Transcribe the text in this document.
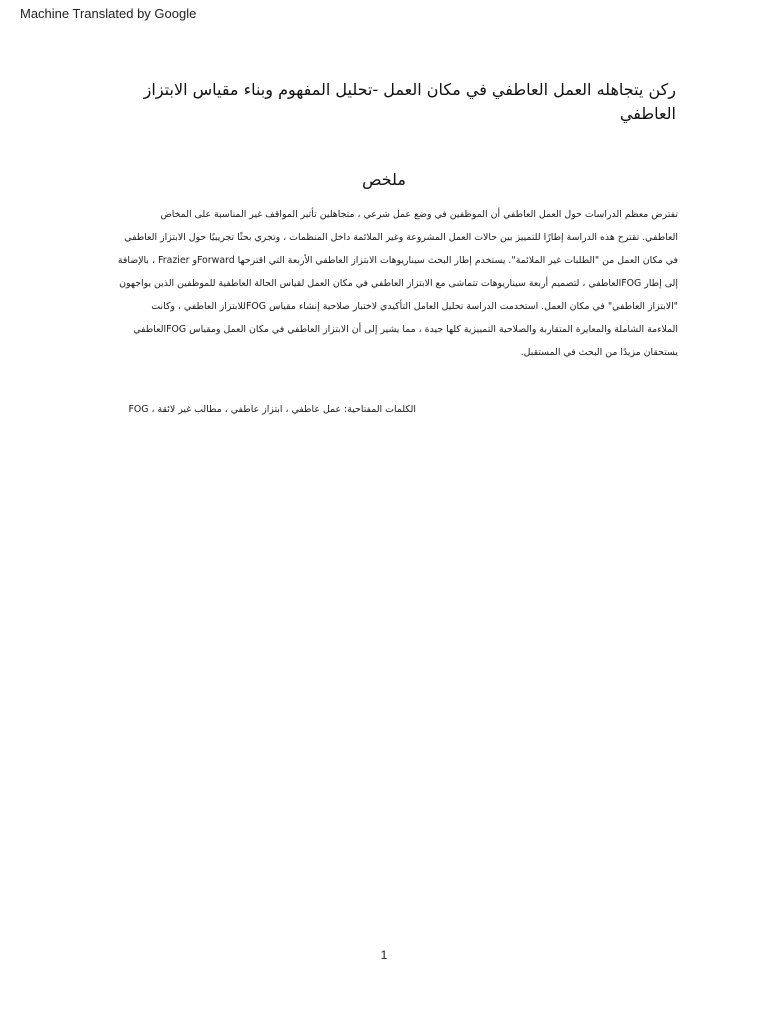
Machine Translated by Google
ركن يتجاهله العمل العاطفي في مكان العمل -تحليل المفهوم وبناء مقياس الابتزاز
العاطفي
ملخص
تفترض معظم الدراسات حول العمل العاطفي أن الموظفين في وضع عمل شرعي ، متجاهلين تأثير المواقف غير المناسبة على المخاض
العاطفي. تقترح هذه الدراسة إطارًا للتمييز بين حالات العمل المشروعة وغير الملائمة داخل المنظمات ، وتجري بحثًا تجريبيًا حول الابتزاز العاطفي
في مكان العمل من "الطلبات غير الملائمة". يستخدم إطار البحث سيناريوهات الابتزاز العاطفي الأربعة التي اقترحها Forwardو Frazier ، بالإضافة
إلى إطار FOGالعاطفي ، لتصميم أربعة سيناريوهات تتماشى مع الابتزاز العاطفي في مكان العمل لقياس الحالة العاطفية للموظفين الذين يواجهون
"الابتزاز العاطفي" في مكان العمل. استخدمت الدراسة تحليل العامل التأكيدي لاختبار صلاحية إنشاء مقياس FOGللابتزاز العاطفي ، وكانت
الملاءمة الشاملة والمعايرة المتقاربة والصلاحية التمييزية كلها جيدة ، مما يشير إلى أن الابتزاز العاطفي في مكان العمل ومقياس FOGالعاطفي
يستحقان مزيدًا من البحث في المستقبل.
الكلمات المفتاحية: عمل عاطفي ، ابتزاز عاطفي ، مطالب غير لائقة ، FOG
1
